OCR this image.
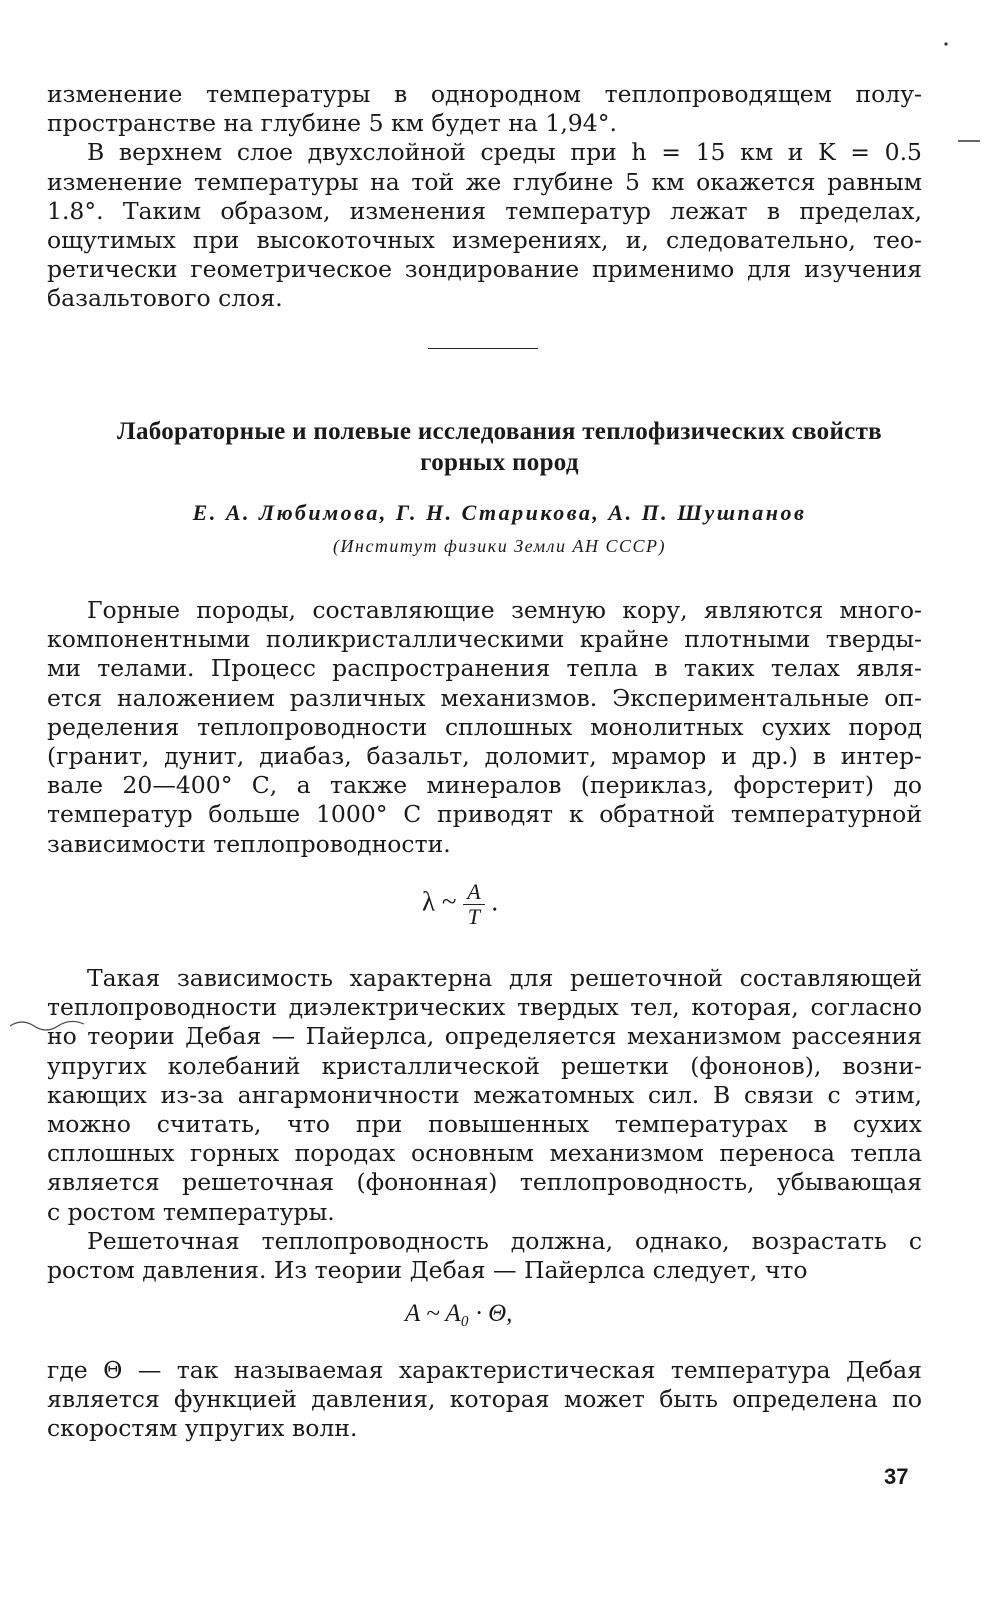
изменение температуры в однородном теплопроводящем полу-
пространстве на глубине 5 км будет на 1,94°.
В верхнем слое двухслойной среды при h = 15 км и K = 0.5
изменение температуры на той же глубине 5 км окажется равным
1.8°. Таким образом, изменения температур лежат в пределах,
ощутимых при высокоточных измерениях, и, следовательно, тео-
ретически геометрическое зондирование применимо для изучения
базальтового слоя.
Лабораторные и полевые исследования теплофизических свойств
горных пород
Е. А. Любимова, Г. Н. Старикова, А. П. Шушпанов
(Институт физики Земли АН СССР)
Горные породы, составляющие земную кору, являются много-
компонентными поликристаллическими крайне плотными тверды-
ми телами. Процесс распространения тепла в таких телах явля-
ется наложением различных механизмов. Экспериментальные оп-
ределения теплопроводности сплошных монолитных сухих пород
(гранит, дунит, диабаз, базальт, доломит, мрамор и др.) в интер-
вале 20—400° С, а также минералов (периклаз, форстерит) до
температур больше 1000° С приводят к обратной температурной
зависимости теплопроводности.
λ ~ $\frac{A}{T}$ .
Такая зависимость характерна для решеточной составляющей
теплопроводности диэлектрических твердых тел, которая, согласно
но теории Дебая — Пайерлса, определяется механизмом рассеяния
упругих колебаний кристаллической решетки (фононов), возни-
кающих из-за ангармоничности межатомных сил. В связи с этим,
можно считать, что при повышенных температурах в сухих
сплошных горных породах основным механизмом переноса тепла
является решеточная (фононная) теплопроводность, убывающая
с ростом температуры.
Решеточная теплопроводность должна, однако, возрастать с
ростом давления. Из теории Дебая — Пайерлса следует, что
A ~ A₀ · Θ,
где Θ — так называемая характеристическая температура Дебая
является функцией давления, которая может быть определена по
скоростям упругих волн.
37
